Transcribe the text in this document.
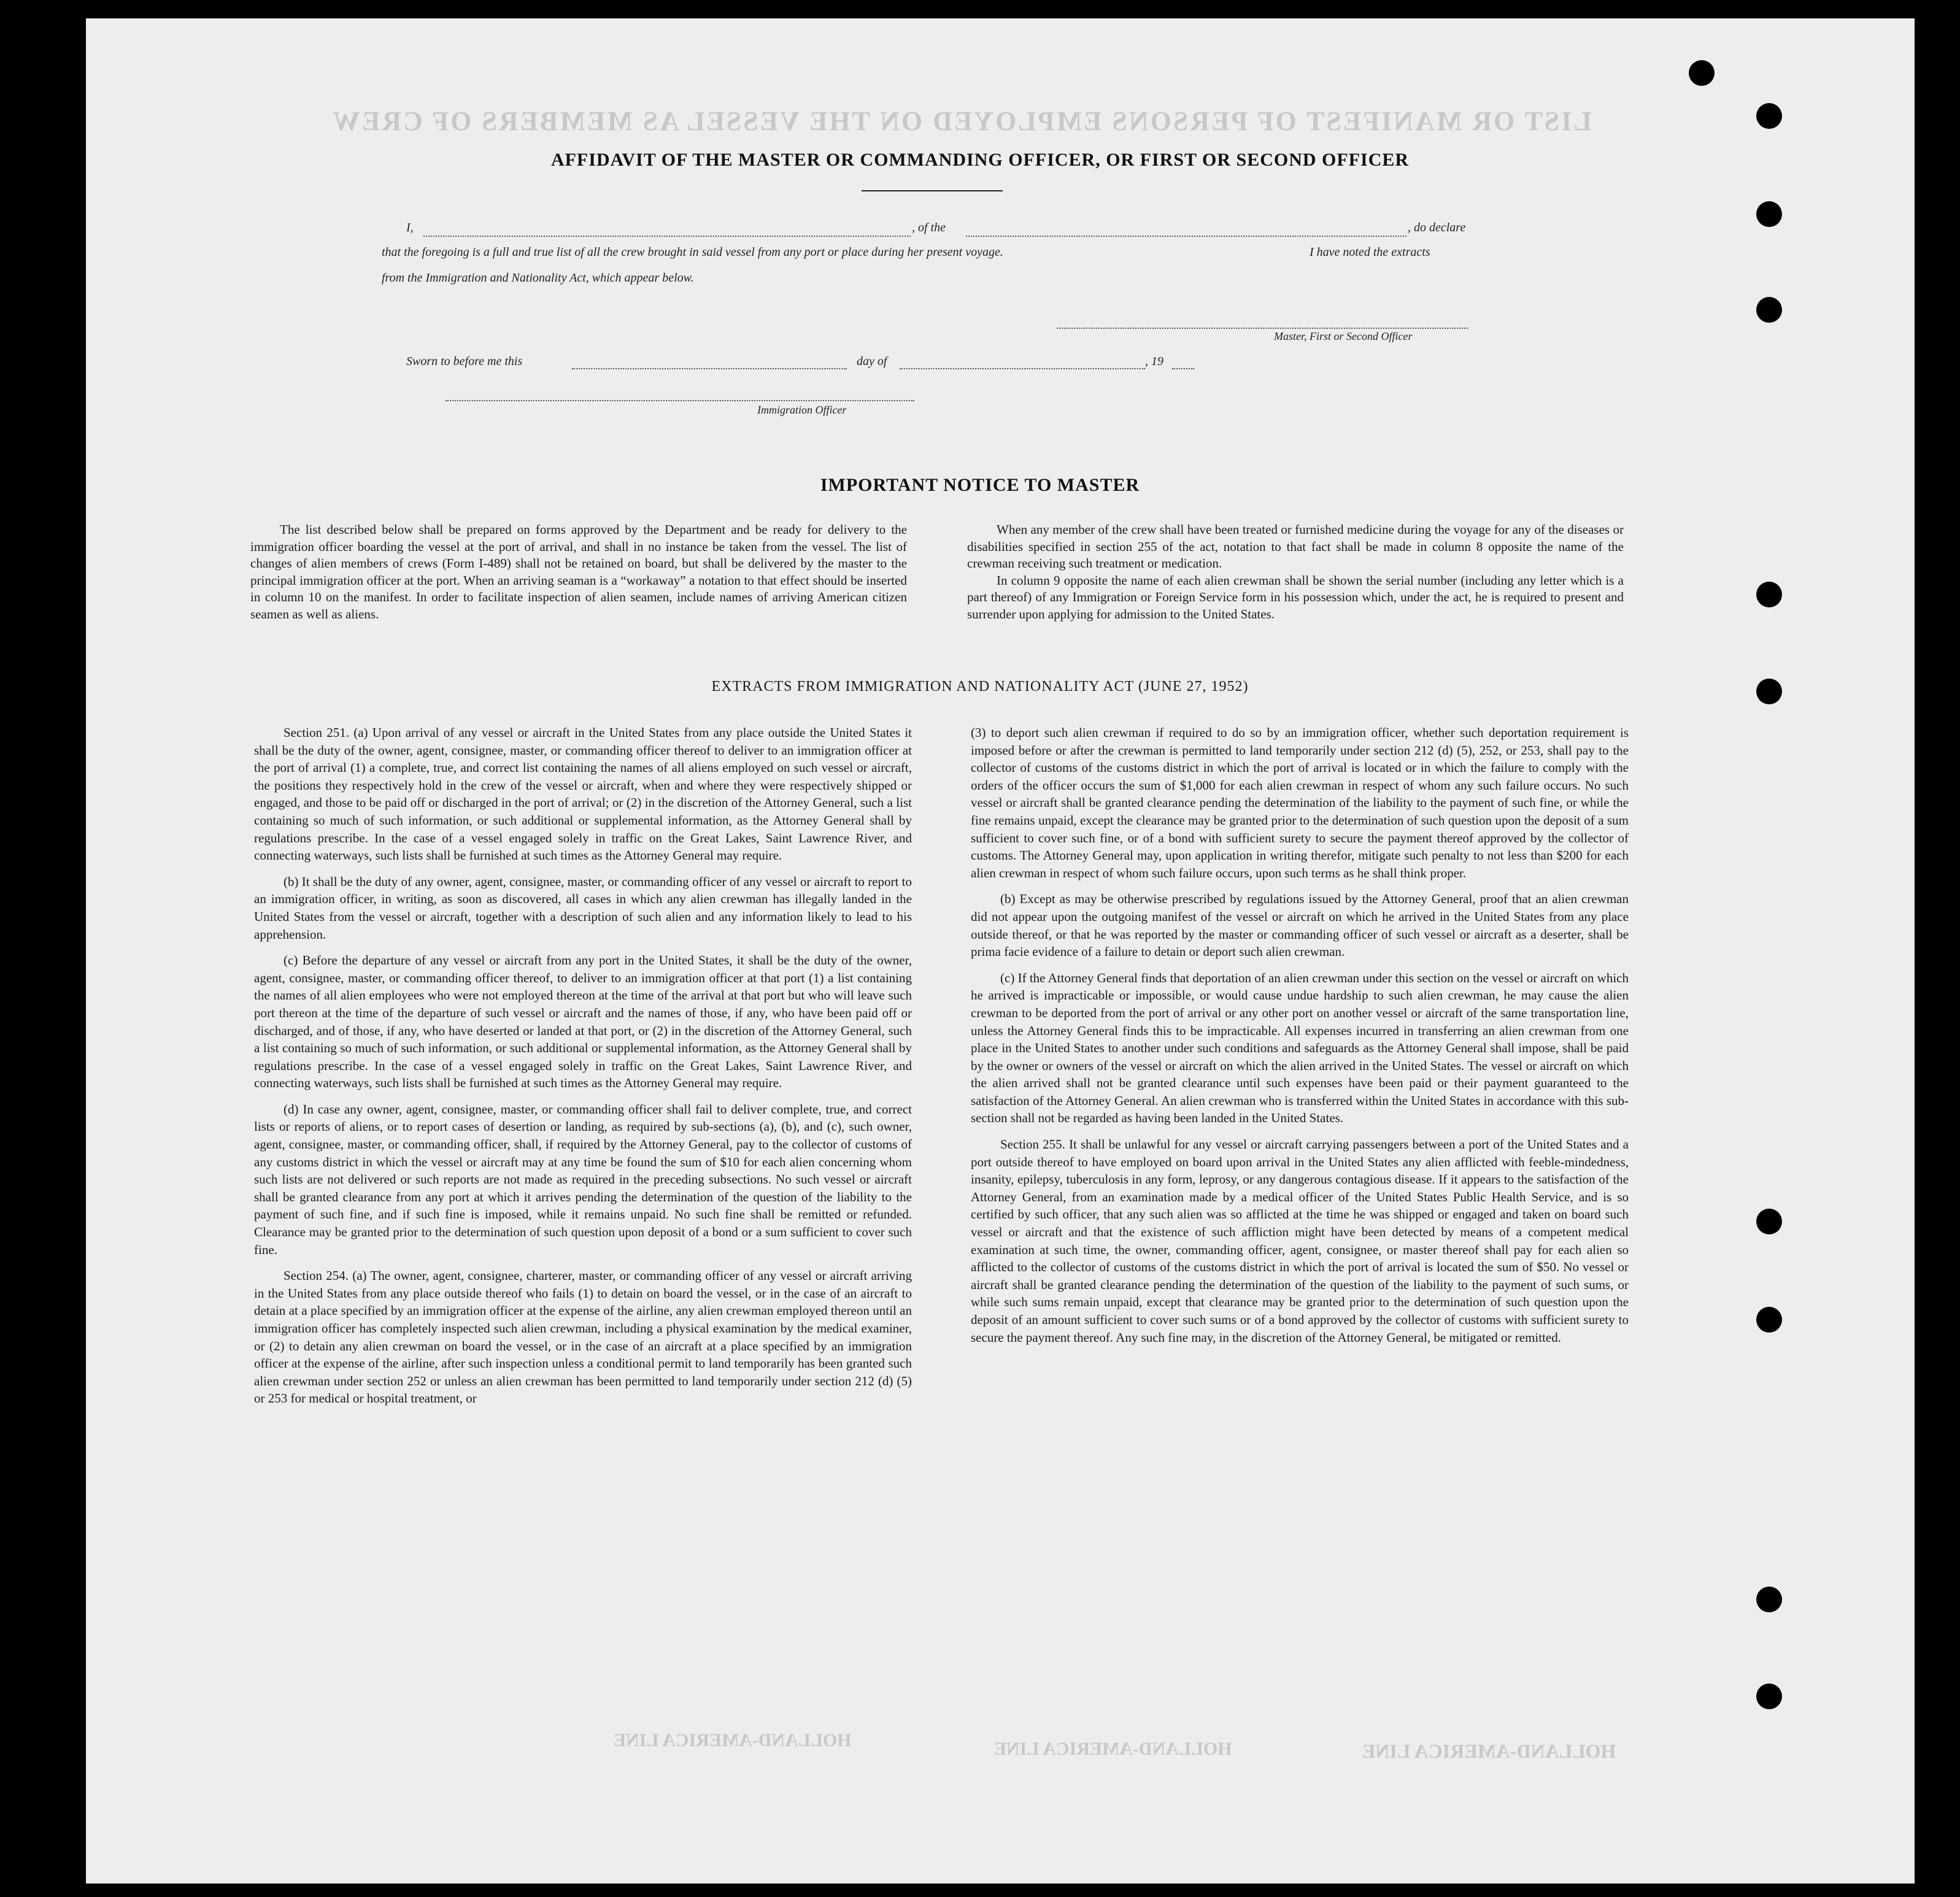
LIST OR MANIFEST OF PERSONS EMPLOYED ON THE VESSEL AS MEMBERS OF CREW
HOLLAND-AMERICA LINE	HOLLAND-AMERICA LINE	HOLLAND-AMERICA LINE
AFFIDAVIT OF THE MASTER OR COMMANDING OFFICER, OR FIRST OR SECOND OFFICER
I,	, of the	, do declare
that the foregoing is a full and true list of all the crew brought in said vessel from any port or place during her present voyage.	I have noted the extracts
from the Immigration and Nationality Act, which appear below.
Master, First or Second Officer
Sworn to before me this	day of	, 19
Immigration Officer
IMPORTANT NOTICE TO MASTER

The list described below shall be prepared on forms approved by the Department and be ready for delivery to the immigration officer boarding the vessel at the port of arrival, and shall in no instance be taken from the vessel. The list of changes of alien members of crews (Form I-489) shall not be retained on board, but shall be delivered by the master to the principal immigration officer at the port. When an arriving seaman is a “workaway” a notation to that effect should be inserted in column 10 on the manifest. In order to facilitate inspection of alien seamen, include names of arriving American citizen seamen as well as aliens.

When any member of the crew shall have been treated or furnished medicine during the voyage for any of the diseases or disabilities specified in section 255 of the act, notation to that fact shall be made in column 8 opposite the name of the crewman receiving such treatment or medication.

In column 9 opposite the name of each alien crewman shall be shown the serial number (including any letter which is a part thereof) of any Immigration or Foreign Service form in his possession which, under the act, he is required to present and surrender upon applying for admission to the United States.

EXTRACTS FROM IMMIGRATION AND NATIONALITY ACT (JUNE 27, 1952)

Section 251. (a) Upon arrival of any vessel or aircraft in the United States from any place outside the United States it shall be the duty of the owner, agent, consignee, master, or commanding officer thereof to deliver to an immigration officer at the port of arrival (1) a complete, true, and correct list containing the names of all aliens employed on such vessel or aircraft, the positions they respectively hold in the crew of the vessel or aircraft, when and where they were respectively shipped or engaged, and those to be paid off or discharged in the port of arrival; or (2) in the discretion of the Attorney General, such a list containing so much of such information, or such additional or supplemental information, as the Attorney General shall by regulations prescribe. In the case of a vessel engaged solely in traffic on the Great Lakes, Saint Lawrence River, and connecting waterways, such lists shall be furnished at such times as the Attorney General may require.

(b) It shall be the duty of any owner, agent, consignee, master, or commanding officer of any vessel or aircraft to report to an immigration officer, in writing, as soon as discovered, all cases in which any alien crewman has illegally landed in the United States from the vessel or aircraft, together with a description of such alien and any information likely to lead to his apprehension.

(c) Before the departure of any vessel or aircraft from any port in the United States, it shall be the duty of the owner, agent, consignee, master, or commanding officer thereof, to deliver to an immigration officer at that port (1) a list containing the names of all alien employees who were not employed thereon at the time of the arrival at that port but who will leave such port thereon at the time of the departure of such vessel or aircraft and the names of those, if any, who have been paid off or discharged, and of those, if any, who have deserted or landed at that port, or (2) in the discretion of the Attorney General, such a list containing so much of such information, or such additional or supplemental information, as the Attorney General shall by regulations prescribe. In the case of a vessel engaged solely in traffic on the Great Lakes, Saint Lawrence River, and connecting waterways, such lists shall be furnished at such times as the Attorney General may require.

(d) In case any owner, agent, consignee, master, or commanding officer shall fail to deliver complete, true, and correct lists or reports of aliens, or to report cases of desertion or landing, as required by sub-sections (a), (b), and (c), such owner, agent, consignee, master, or commanding officer, shall, if required by the Attorney General, pay to the collector of customs of any customs district in which the vessel or aircraft may at any time be found the sum of $10 for each alien concerning whom such lists are not delivered or such reports are not made as required in the preceding subsections. No such vessel or aircraft shall be granted clearance from any port at which it arrives pending the determination of the question of the liability to the payment of such fine, and if such fine is imposed, while it remains unpaid. No such fine shall be remitted or refunded. Clearance may be granted prior to the determination of such question upon deposit of a bond or a sum sufficient to cover such fine.

Section 254. (a) The owner, agent, consignee, charterer, master, or commanding officer of any vessel or aircraft arriving in the United States from any place outside thereof who fails (1) to detain on board the vessel, or in the case of an aircraft to detain at a place specified by an immigration officer at the expense of the airline, any alien crewman employed thereon until an immigration officer has completely inspected such alien crewman, including a physical examination by the medical examiner, or (2) to detain any alien crewman on board the vessel, or in the case of an aircraft at a place specified by an immigration officer at the expense of the airline, after such inspection unless a conditional permit to land temporarily has been granted such alien crewman under section 252 or unless an alien crewman has been permitted to land temporarily under section 212 (d) (5) or 253 for medical or hospital treatment, or

(3) to deport such alien crewman if required to do so by an immigration officer, whether such deportation requirement is imposed before or after the crewman is permitted to land temporarily under section 212 (d) (5), 252, or 253, shall pay to the collector of customs of the customs district in which the port of arrival is located or in which the failure to comply with the orders of the officer occurs the sum of $1,000 for each alien crewman in respect of whom any such failure occurs. No such vessel or aircraft shall be granted clearance pending the determination of the liability to the payment of such fine, or while the fine remains unpaid, except the clearance may be granted prior to the determination of such question upon the deposit of a sum sufficient to cover such fine, or of a bond with sufficient surety to secure the payment thereof approved by the collector of customs. The Attorney General may, upon application in writing therefor, mitigate such penalty to not less than $200 for each alien crewman in respect of whom such failure occurs, upon such terms as he shall think proper.

(b) Except as may be otherwise prescribed by regulations issued by the Attorney General, proof that an alien crewman did not appear upon the outgoing manifest of the vessel or aircraft on which he arrived in the United States from any place outside thereof, or that he was reported by the master or commanding officer of such vessel or aircraft as a deserter, shall be prima facie evidence of a failure to detain or deport such alien crewman.

(c) If the Attorney General finds that deportation of an alien crewman under this section on the vessel or aircraft on which he arrived is impracticable or impossible, or would cause undue hardship to such alien crewman, he may cause the alien crewman to be deported from the port of arrival or any other port on another vessel or aircraft of the same transportation line, unless the Attorney General finds this to be impracticable. All expenses incurred in transferring an alien crewman from one place in the United States to another under such conditions and safeguards as the Attorney General shall impose, shall be paid by the owner or owners of the vessel or aircraft on which the alien arrived in the United States. The vessel or aircraft on which the alien arrived shall not be granted clearance until such expenses have been paid or their payment guaranteed to the satisfaction of the Attorney General. An alien crewman who is transferred within the United States in accordance with this sub-section shall not be regarded as having been landed in the United States.

Section 255. It shall be unlawful for any vessel or aircraft carrying passengers between a port of the United States and a port outside thereof to have employed on board upon arrival in the United States any alien afflicted with feeble-mindedness, insanity, epilepsy, tuberculosis in any form, leprosy, or any dangerous contagious disease. If it appears to the satisfaction of the Attorney General, from an examination made by a medical officer of the United States Public Health Service, and is so certified by such officer, that any such alien was so afflicted at the time he was shipped or engaged and taken on board such vessel or aircraft and that the existence of such affliction might have been detected by means of a competent medical examination at such time, the owner, commanding officer, agent, consignee, or master thereof shall pay for each alien so afflicted to the collector of customs of the customs district in which the port of arrival is located the sum of $50. No vessel or aircraft shall be granted clearance pending the determination of the question of the liability to the payment of such sums, or while such sums remain unpaid, except that clearance may be granted prior to the determination of such question upon the deposit of an amount sufficient to cover such sums or of a bond approved by the collector of customs with sufficient surety to secure the payment thereof. Any such fine may, in the discretion of the Attorney General, be mitigated or remitted.
